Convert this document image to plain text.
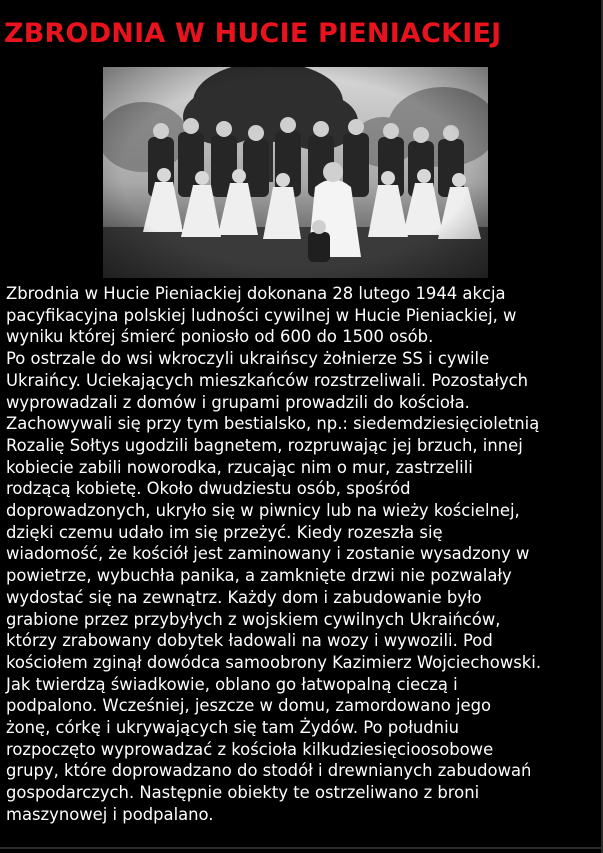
ZBRODNIA W HUCIE PIENIACKIEJ

Zbrodnia w Hucie Pieniackiej dokonana 28 lutego 1944 akcja
pacyfikacyjna polskiej ludności cywilnej w Hucie Pieniackiej, w
wyniku której śmierć poniosło od 600 do 1500 osób.

Po ostrzale do wsi wkroczyli ukraińscy żołnierze SS i cywile
Ukraińcy. Uciekających mieszkańców rozstrzeliwali. Pozostałych
wyprowadzali z domów i grupami prowadzili do kościoła.
Zachowywali się przy tym bestialsko, np.: siedemdziesięcioletnią
Rozalię Sołtys ugodzili bagnetem, rozpruwając jej brzuch, innej
kobiecie zabili noworodka, rzucając nim o mur, zastrzelili
rodzącą kobietę. Około dwudziestu osób, spośród
doprowadzonych, ukryło się w piwnicy lub na wieży kościelnej,
dzięki czemu udało im się przeżyć. Kiedy rozeszła się
wiadomość, że kościół jest zaminowany i zostanie wysadzony w
powietrze, wybuchła panika, a zamknięte drzwi nie pozwalały
wydostać się na zewnątrz. Każdy dom i zabudowanie było
grabione przez przybyłych z wojskiem cywilnych Ukraińców,
którzy zrabowany dobytek ładowali na wozy i wywozili. Pod
kościołem zginął dowódca samoobrony Kazimierz Wojciechowski.
Jak twierdzą świadkowie, oblano go łatwopalną cieczą i
podpalono. Wcześniej, jeszcze w domu, zamordowano jego
żonę, córkę i ukrywających się tam Żydów. Po południu
rozpoczęto wyprowadzać z kościoła kilkudziesięcioosobowe
grupy, które doprowadzano do stodół i drewnianych zabudowań
gospodarczych. Następnie obiekty te ostrzeliwano z broni
maszynowej i podpalano.
